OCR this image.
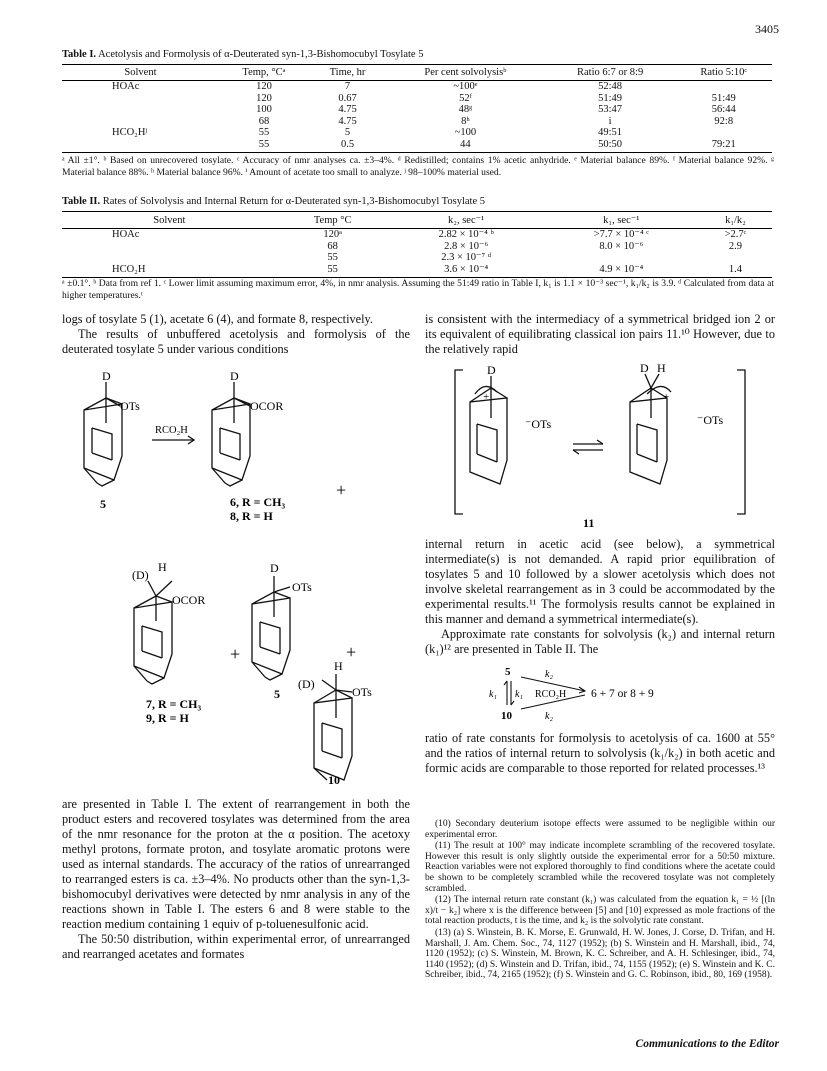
3405
Table I. Acetolysis and Formolysis of α-Deuterated syn-1,3-Bishomocubyl Tosylate 5
Solvent	Temp, °Cᵃ	Time, hr	Per cent solvolysisᵇ	Ratio 6:7 or 8:9	Ratio 5:10ᶜ
HOAc	120	7	~100ᵉ	52:48	
	120	0.67	52ᶠ	51:49	51:49
	100	4.75	48ᵍ	53:47	56:44
	68	4.75	8ʰ	i	92:8
HCO₂Hʲ	55	5	~100	49:51	
	55	0.5	44	50:50	79:21
ᵃ All ±1°. ᵇ Based on unrecovered tosylate. ᶜ Accuracy of nmr analyses ca. ±3–4%. ᵈ Redistilled; contains 1% acetic anhydride. ᵉ Material balance 89%. ᶠ Material balance 92%. ᵍ Material balance 88%. ʰ Material balance 96%. ⁱ Amount of acetate too small to analyze. ʲ 98–100% material used.
Table II. Rates of Solvolysis and Internal Return for α-Deuterated syn-1,3-Bishomocubyl Tosylate 5
Solvent	Temp °C	k₂, sec⁻¹	k₁, sec⁻¹	k₁/k₂
HOAc	120ᵃ	2.82 × 10⁻⁴ ᵇ	>7.7 × 10⁻⁴ ᶜ	>2.7ᶜ
	68	2.8 × 10⁻⁶	8.0 × 10⁻⁶	2.9
	55	2.3 × 10⁻⁷ ᵈ		
HCO₂H	55	3.6 × 10⁻⁴	4.9 × 10⁻⁴	1.4
ᵃ ±0.1°. ᵇ Data from ref 1. ᶜ Lower limit assuming maximum error, 4%, in nmr analysis. Assuming the 51:49 ratio in Table I, k₁ is 1.1 × 10⁻³ sec⁻¹, k₁/k₂ is 3.9. ᵈ Calculated from data at higher temperatures.ᵗ

logs of tosylate 5 (1), acetate 6 (4), and formate 8, respectively.

The results of unbuffered acetolysis and formolysis of the deuterated tosylate 5 under various conditions

D
OTs
5
RCO₂H
D
OCOR
6, R = CH₃
8, R = H
+
(D)
H
OCOR
7, R = CH₃
9, R = H
+
D
OTs
5
+
H
(D)
OTs
10

are presented in Table I. The extent of rearrangement in both the product esters and recovered tosylates was determined from the area of the nmr resonance for the proton at the α position. The acetoxy methyl protons, formate proton, and tosylate aromatic protons were used as internal standards. The accuracy of the ratios of unrearranged to rearranged esters is ca. ±3–4%. No products other than the syn-1,3-bishomocubyl derivatives were detected by nmr analysis in any of the reactions shown in Table I. The esters 6 and 8 were stable to the reaction medium containing 1 equiv of p-toluenesulfonic acid.

The 50:50 distribution, within experimental error, of unrearranged and rearranged acetates and formates

is consistent with the intermediacy of a symmetrical bridged ion 2 or its equivalent of equilibrating classical ion pairs 11.¹⁰ However, due to the relatively rapid

D
+
⁻OTs
D H
+
⁻OTs
11

internal return in acetic acid (see below), a symmetrical intermediate(s) is not demanded. A rapid prior equilibration of tosylates 5 and 10 followed by a slower acetolysis which does not involve skeletal rearrangement as in 3 could be accommodated by the experimental results.¹¹ The formolysis results cannot be explained in this manner and demand a symmetrical intermediate(s).

Approximate rate constants for solvolysis (k₂) and internal return (k₁)¹² are presented in Table II. The

5
10
k₁ k₁
k₂
k₂
RCO₂H 6 + 7 or 8 + 9

ratio of rate constants for formolysis to acetolysis of ca. 1600 at 55° and the ratios of internal return to solvolysis (k₁/k₂) in both acetic and formic acids are comparable to those reported for related processes.¹³

(10) Secondary deuterium isotope effects were assumed to be negligible within our experimental error.

(11) The result at 100° may indicate incomplete scrambling of the recovered tosylate. However this result is only slightly outside the experimental error for a 50:50 mixture. Reaction variables were not explored thoroughly to find conditions where the acetate could be shown to be completely scrambled while the recovered tosylate was not completely scrambled.

(12) The internal return rate constant (k₁) was calculated from the equation k₁ = ½ [(ln x)/t − k₂] where x is the difference between [5] and [10] expressed as mole fractions of the total reaction products, t is the time, and k₂ is the solvolytic rate constant.

(13) (a) S. Winstein, B. K. Morse, E. Grunwald, H. W. Jones, J. Corse, D. Trifan, and H. Marshall, J. Am. Chem. Soc., 74, 1127 (1952); (b) S. Winstein and H. Marshall, ibid., 74, 1120 (1952); (c) S. Winstein, M. Brown, K. C. Schreiber, and A. H. Schlesinger, ibid., 74, 1140 (1952); (d) S. Winstein and D. Trifan, ibid., 74, 1155 (1952); (e) S. Winstein and K. C. Schreiber, ibid., 74, 2165 (1952); (f) S. Winstein and G. C. Robinson, ibid., 80, 169 (1958).

Communications to the Editor
